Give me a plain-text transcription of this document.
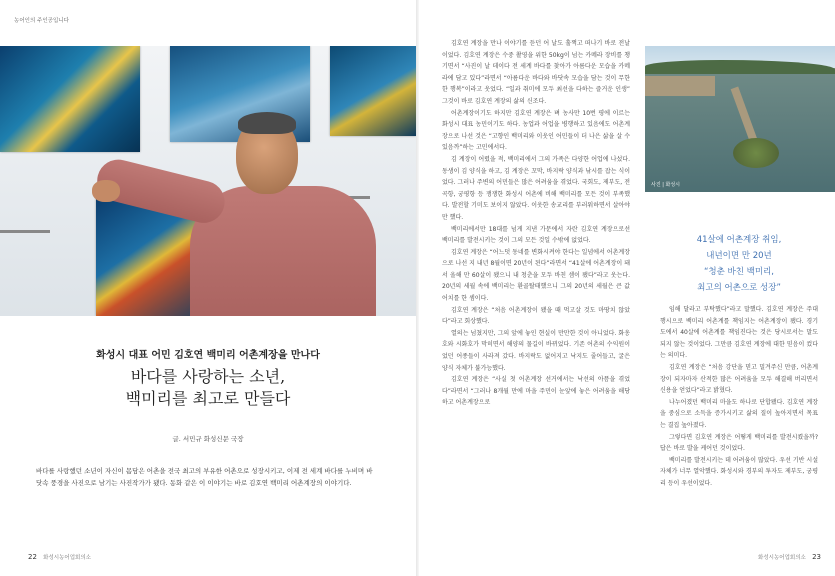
농어인의 주인공입니다
화성시 대표 어민 김호연 백미리 어촌계장을 만나다
바다를 사랑하는 소년,
백미리를 최고로 만들다
글. 서민규 화성신문 국장

바다를 사랑했던 소년이 자신이 몸담은 어촌을 전국 최고의 부유한 어촌으로 성장시키고, 이제 전 세계 바다를 누비며 바닷속 풍경을 사진으로 남기는 사진작가가 됐다. 동화 같은 이 이야기는 바로 김호연 백미리 어촌계장의 이야기다.

22 화성시농어업회의소

김호연 계장을 만나 이야기를 듣던 어 날도 훌쩍고 떠나기 바로 전날이었다. 김호연 계장은 수중 촬영을 위한 50kg이 넘는 카메라 장비를 챙기면서 “사진이 날 데이다 전 세계 바다를 찾아가 아름다운 모습을 카메라에 담고 있다”라면서 “아름다운 바다와 바닷속 모습을 담는 것이 무한한 행복”이라고 웃었다. “일과 취미에 모두 최선을 다하는 즐거운 인생” 그것이 바로 김호연 계장의 삶의 신조다.

어촌계장이기도 하지만 김호연 계장은 벼 농사만 10번 평에 이르는 화성시 대표 농민이기도 하다. 농업과 어업을 병행하고 있음에도 어촌계장으로 나선 것은 “고향인 백미리와 이웃인 어민들이 더 나은 삶을 살 수 있음까”하는 고민에서다.

김 계장이 어렸을 적, 백미리에서 그의 가족은 다양한 어업에 나섰다. 동생이 김 양식을 하고, 김 계장은 꼬막, 바지락 양식과 낚시를 잡는 식이었다. 그러나 주변의 어민들은 많은 어려움을 겪었다. 국회도, 제부도, 전곡항, 궁평항 등 쟁쟁한 화성시 어촌에 비해 백미리를 모든 것이 부족했다. 발전할 기미도 보이지 않았다. 이웃한 송교리를 부러워하면서 살아야만 했다.

백미리에서만 18대를 넘게 지낸 가문에서 자란 김호연 계장으로선 백미리를 발전시키는 것이 그의 모든 것일 수밖에 없었다.

김호연 계장은 “어느덧 동네를 변화시켜야 한다는 일념에서 어촌계장으로 나선 지 내년 8월이면 20년이 된다”라면서 “41살에 어촌계장이 돼서 올해 만 60살이 됐으니 내 청춘을 모두 바친 셈이 됐다”라고 웃는다. 20년의 세월 속에 백미리는 환골탈태했으니 그의 20년의 세월은 큰 값어치를 한 셈이다.

김호연 계장은 “처음 어촌계장이 됐을 때 먹고살 것도 마땅치 않았다”라고 회상했다.

열의는 넘쳤지만, 그의 앞에 놓인 현실이 만만한 것이 아니었다. 화옹호와 시화호가 막히면서 해양의 물길이 바뀌었다. 기존 어촌의 수익원이었던 어종들이 사라져 갔다. 바지락도 없어지고 낙지도 줄어들고, 굴은 양식 자체가 불가능했다.

김호연 계장은 “사실 첫 어촌계장 선거에서는 낙선의 아픔을 겪었다”라면서 “그러나 8개월 만에 마을 주민이 눈앞에 놓은 어려움을 해당하고 어촌계장으로

사진 | 화성시
41살에 어촌계장 취임,
내년이면 만 20년
“청춘 바친 백미리,
최고의 어촌으로 성장”

임해 달라고 부탁했다”라고 말했다. 김호연 계장은 주대 행시으로 백미리 어촌계를 책임지는 어촌계장이 됐다. 경기도에서 40살에 어촌계를 책임진다는 것은 당시로서는 말도 되지 않는 것이었다. 그만큼 김호연 계장에 대한 믿음이 컸다는 의미다.

김호연 계장은 “처음 강단을 믿고 밀겨주신 만큼, 어촌계장이 되자마자 산적한 많은 어려움을 모두 해결해 버리면서 신용을 얻었다”라고 밝혔다.

나누어졌던 백미리 마을도 하나로 단합됐다. 김호연 계장을 중심으로 소득을 증가시키고 삶의 질이 높아지면서 목표는 결집 높아졌다.

그렇다면 김호연 계장은 어떻게 백미리를 발전시켰을까? 답은 바로 발을 케어던 것이었다.

백미리를 발전시키는 데 어려움이 많았다. 우선 기반 시설 자체가 너무 열악했다. 화성시와 경부의 투자도 제부도, 궁평리 등이 우선이었다.

화성시농어업회의소 23
